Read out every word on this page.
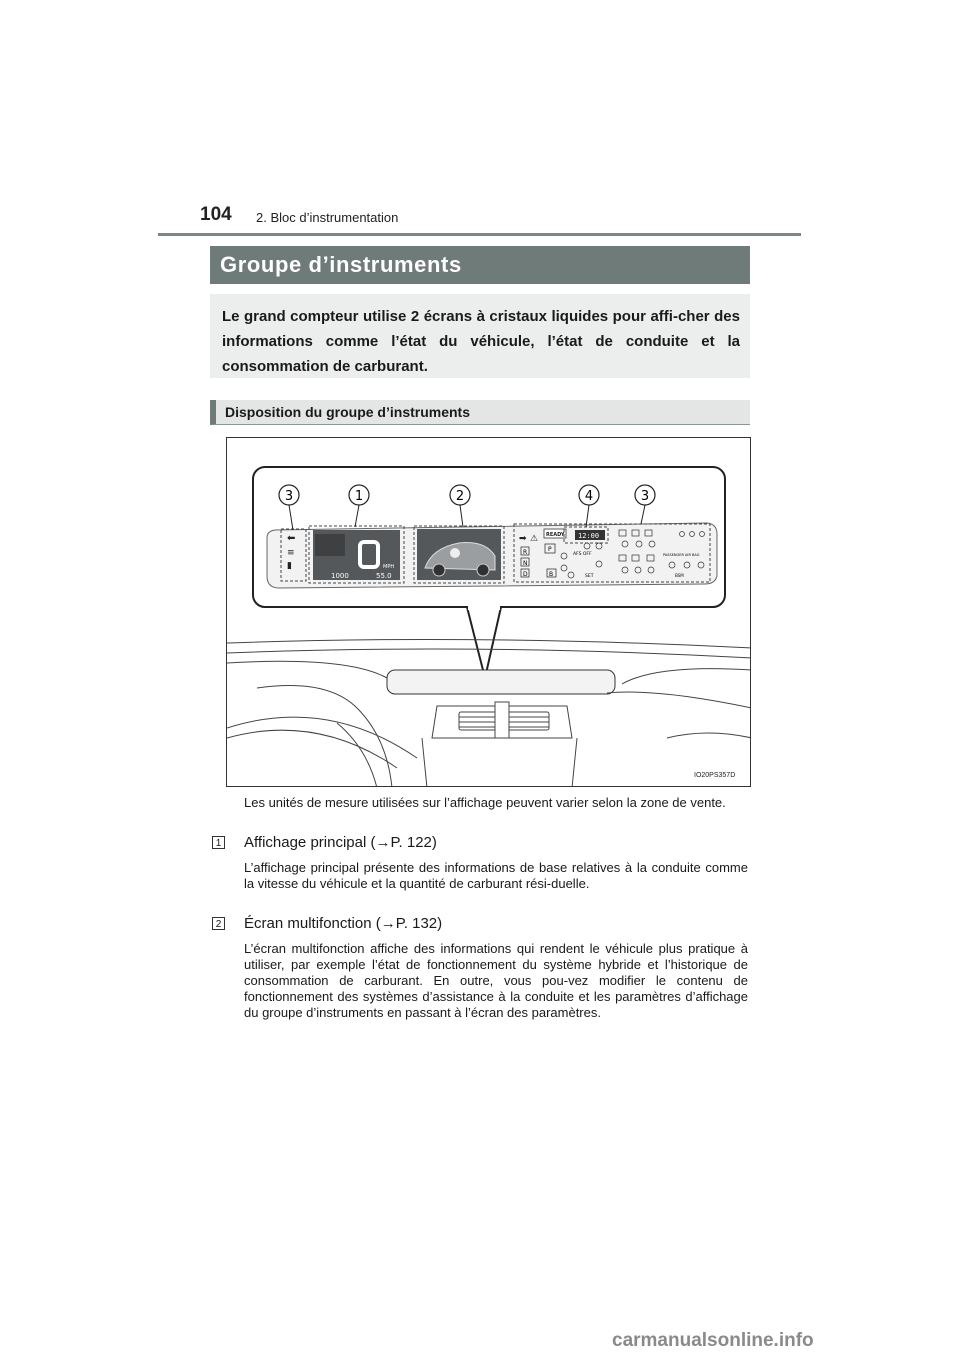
104 2. Bloc d’instrumentation
Groupe d’instruments
Le grand compteur utilise 2 écrans à cristaux liquides pour affi-cher des informations comme l’état du véhicule, l’état de conduite et la consommation de carburant.
Disposition du groupe d’instruments
⬅
≡
▮	MPH
1000	55.0
➡ ⚠ READY 12:00
R
N
D
P
B
AFS OFF
SET
PASSENGER AIR BAG
BSM
3	1	2	4	3
IO20PS357D
Les unités de mesure utilisées sur l’affichage peuvent varier selon la zone de vente.
1 Affichage principal (→P. 122)
L’affichage principal présente des informations de base relatives à la conduite comme la vitesse du véhicule et la quantité de carburant rési-duelle.
2 Écran multifonction (→P. 132)
L’écran multifonction affiche des informations qui rendent le véhicule plus pratique à utiliser, par exemple l’état de fonctionnement du système hybride et l’historique de consommation de carburant. En outre, vous pou-vez modifier le contenu de fonctionnement des systèmes d’assistance à la conduite et les paramètres d’affichage du groupe d’instruments en passant à l’écran des paramètres.
carmanualsonline.info
